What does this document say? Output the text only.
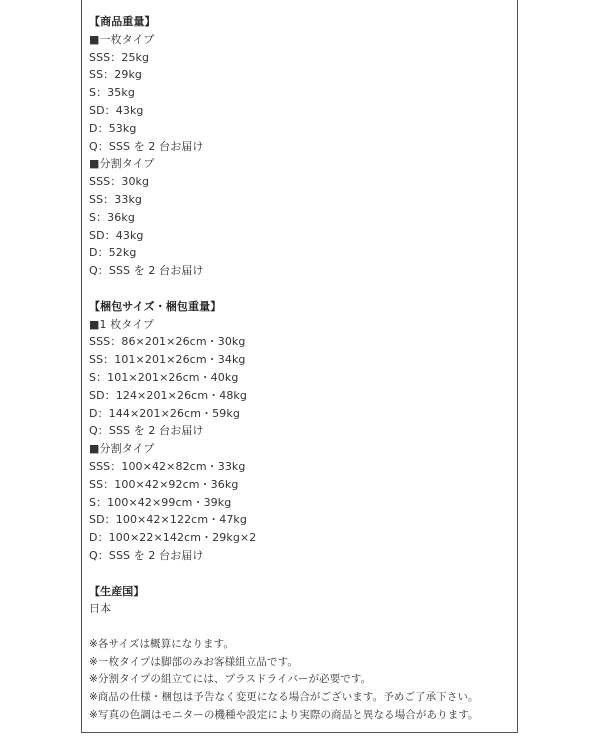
【商品重量】
■一枚タイプ
SSS：25kg
SS：29kg
S：35kg
SD：43kg
D：53kg
Q：SSS を 2 台お届け
■分割タイプ
SSS：30kg
SS：33kg
S：36kg
SD：43kg
D：52kg
Q：SSS を 2 台お届け
【梱包サイズ・梱包重量】
■1 枚タイプ
SSS：86×201×26cm・30kg
SS：101×201×26cm・34kg
S：101×201×26cm・40kg
SD：124×201×26cm・48kg
D：144×201×26cm・59kg
Q：SSS を 2 台お届け
■分割タイプ
SSS：100×42×82cm・33kg
SS：100×42×92cm・36kg
S：100×42×99cm・39kg
SD：100×42×122cm・47kg
D：100×22×142cm・29kg×2
Q：SSS を 2 台お届け
【生産国】
日本
※各サイズは概算になります。
※一枚タイプは脚部のみお客様組立品です。
※分割タイプの組立てには、プラスドライバーが必要です。
※商品の仕様・梱包は予告なく変更になる場合がございます。予めご了承下さい。
※写真の色調はモニターの機種や設定により実際の商品と異なる場合があります。
